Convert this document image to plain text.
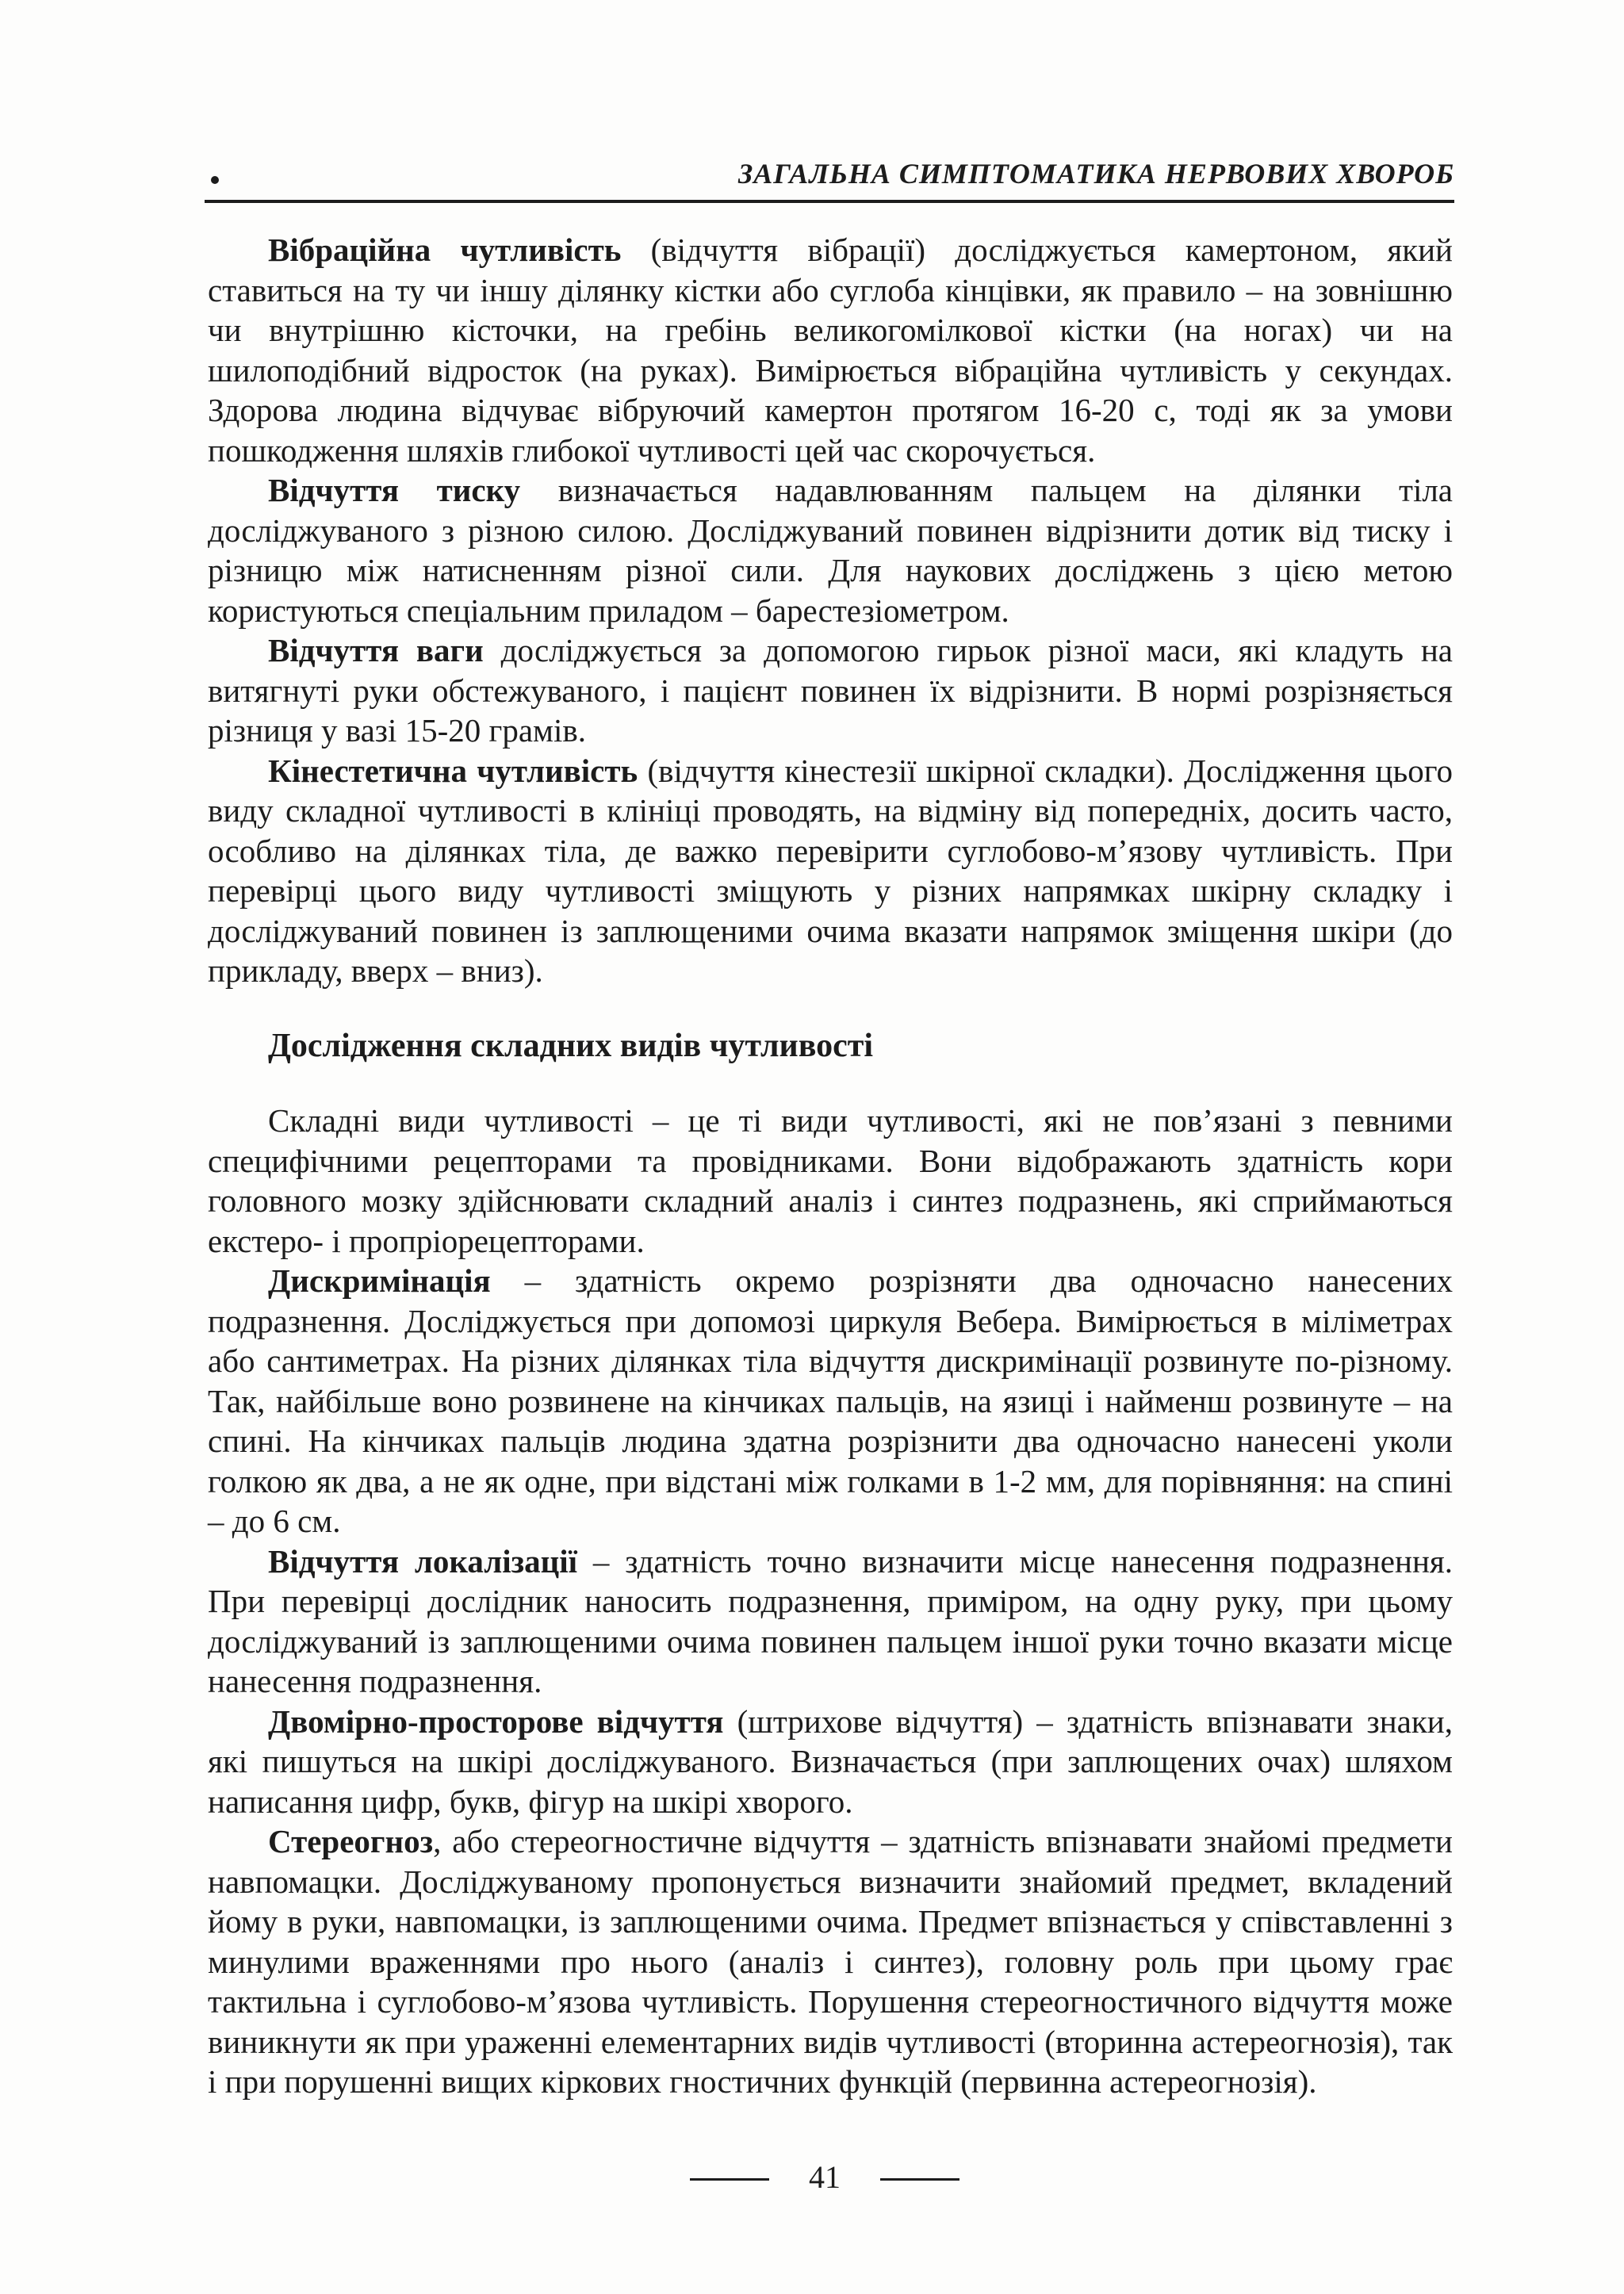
ЗАГАЛЬНА СИМПТОМАТИКА НЕРВОВИХ ХВОРОБ

Вібраційна чутливість (відчуття вібрації) досліджується камертоном, який ставиться на ту чи іншу ділянку кістки або суглоба кінцівки, як правило – на зовнішню чи внутрішню кісточки, на гребінь великогомілкової кістки (на ногах) чи на шилоподібний відросток (на руках). Вимірюється вібраційна чутливість у секундах. Здорова людина відчуває вібруючий камертон протягом 16-20 с, тоді як за умови пошкодження шляхів глибокої чутливості цей час скорочується.

Відчуття тиску визначається надавлюванням пальцем на ділянки тіла досліджуваного з різною силою. Досліджуваний повинен відрізнити дотик від тиску і різницю між натисненням різної сили. Для наукових досліджень з цією метою користуються спеціальним приладом – барестезіометром.

Відчуття ваги досліджується за допомогою гирьок різної маси, які кладуть на витягнуті руки обстежуваного, і пацієнт повинен їх відрізнити. В нормі розрізняється різниця у вазі 15-20 грамів.

Кінестетична чутливість (відчуття кінестезії шкірної складки). Дослідження цього виду складної чутливості в клініці проводять, на відміну від попередніх, досить часто, особливо на ділянках тіла, де важко перевірити суглобово-м’язову чутливість. При перевірці цього виду чутливості зміщують у різних напрямках шкірну складку і досліджуваний повинен із заплющеними очима вказати напрямок зміщення шкіри (до прикладу, вверх – вниз).

Дослідження складних видів чутливості

Складні види чутливості – це ті види чутливості, які не пов’язані з певними специфічними рецепторами та провідниками. Вони відображають здатність кори головного мозку здійснювати складний аналіз і синтез подразнень, які сприймаються екстеро- і пропріорецепторами.

Дискримінація – здатність окремо розрізняти два одночасно нанесених подразнення. Досліджується при допомозі циркуля Вебера. Вимірюється в міліметрах або сантиметрах. На різних ділянках тіла відчуття дискримінації розвинуте по-різному. Так, найбільше воно розвинене на кінчиках пальців, на язиці і найменш розвинуте – на спині. На кінчиках пальців людина здатна розрізнити два одночасно нанесені уколи голкою як два, а не як одне, при відстані між голками в 1-2 мм, для порівняння: на спині – до 6 см.

Відчуття локалізації – здатність точно визначити місце нанесення подразнення. При перевірці дослідник наносить подразнення, приміром, на одну руку, при цьому досліджуваний із заплющеними очима повинен пальцем іншої руки точно вказати місце нанесення подразнення.

Двомірно-просторове відчуття (штрихове відчуття) – здатність впізнавати знаки, які пишуться на шкірі досліджуваного. Визначається (при заплющених очах) шляхом написання цифр, букв, фігур на шкірі хворого.

Стереогноз, або стереогностичне відчуття – здатність впізнавати знайомі предмети навпомацки. Досліджуваному пропонується визначити знайомий предмет, вкладений йому в руки, навпомацки, із заплющеними очима. Предмет впізнається у співставленні з минулими враженнями про нього (аналіз і синтез), головну роль при цьому грає тактильна і суглобово-м’язова чутливість. Порушення стереогностичного відчуття може виникнути як при ураженні елементарних видів чутливості (вторинна астереогнозія), так і при порушенні вищих кіркових гностичних функцій (первинна астереогнозія).

41
